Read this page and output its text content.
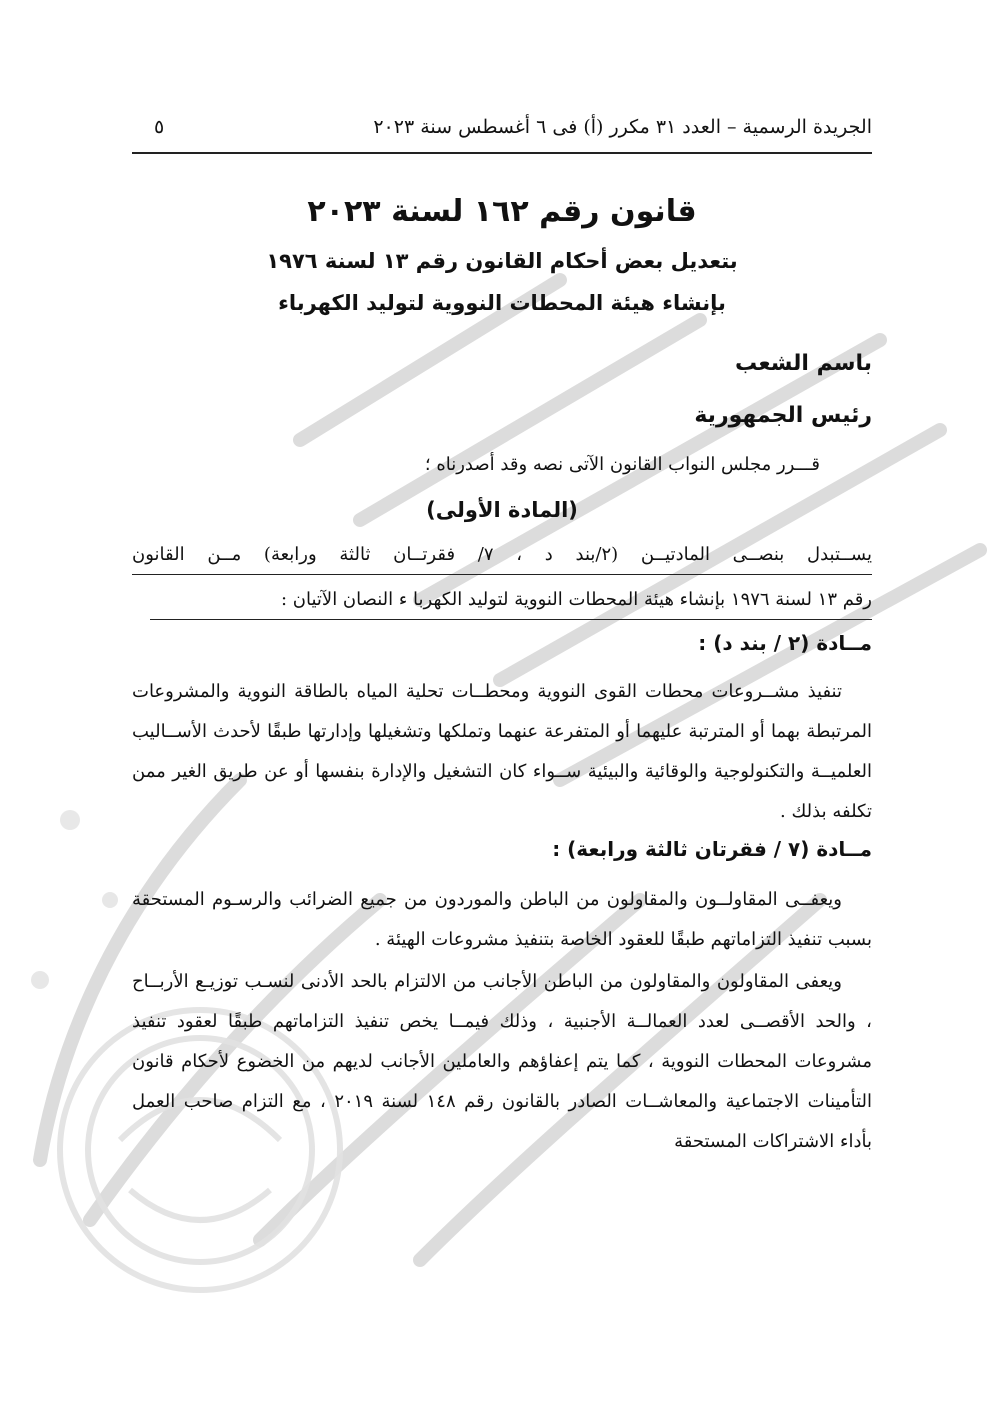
الجريدة الرسمية – العدد ٣١ مكرر (أ) فى ٦ أغسطس سنة ٢٠٢٣
٥
قانون رقم ١٦٢ لسنة ٢٠٢٣
بتعديل بعض أحكام القانون رقم ١٣ لسنة ١٩٧٦
بإنشاء هيئة المحطات النووية لتوليد الكهرباء
باسم الشعب
رئيس الجمهورية
قـــرر مجلس النواب القانون الآتى نصه وقد أصدرناه ؛
(المادة الأولى)
يســتبدل بنصــى المادتيــن (٢/بند د ، ٧/ فقرتــان ثالثة ورابعة) مــن القانون
رقم ١٣ لسنة ١٩٧٦ بإنشاء هيئة المحطات النووية لتوليد الكهربا ء النصان الآتيان :
مــادة (٢ / بند د) :
تنفيذ مشــروعات محطات القوى النووية ومحطــات تحلية المياه بالطاقة النووية والمشروعات المرتبطة بهما أو المترتبة عليهما أو المتفرعة عنهما وتملكها وتشغيلها وإدارتها طبقًا لأحدث الأســاليب العلميــة والتكنولوجية والوقائية والبيئية ســواء كان التشغيل والإدارة بنفسها أو عن طريق الغير ممن تكلفه بذلك .
مــادة (٧ / فقرتان ثالثة ورابعة) :
ويعفــى المقاولــون والمقاولون من الباطن والموردون من جميع الضرائب والرسـوم المستحقة بسبب تنفيذ التزاماتهم طبقًا للعقود الخاصة بتنفيذ مشروعات الهيئة .
ويعفى المقاولون والمقاولون من الباطن الأجانب من الالتزام بالحد الأدنى لنسـب توزيـع الأربــاح ، والحد الأقصــى لعدد العمالــة الأجنبية ، وذلك فيمــا يخص تنفيذ التزاماتهم طبقًا لعقود تنفيذ مشروعات المحطات النووية ، كما يتم إعفاؤهم والعاملين الأجانب لديهم من الخضوع لأحكام قانون التأمينات الاجتماعية والمعاشــات الصادر بالقانون رقم ١٤٨ لسنة ٢٠١٩ ، مع التزام صاحب العمل بأداء الاشتراكات المستحقة
